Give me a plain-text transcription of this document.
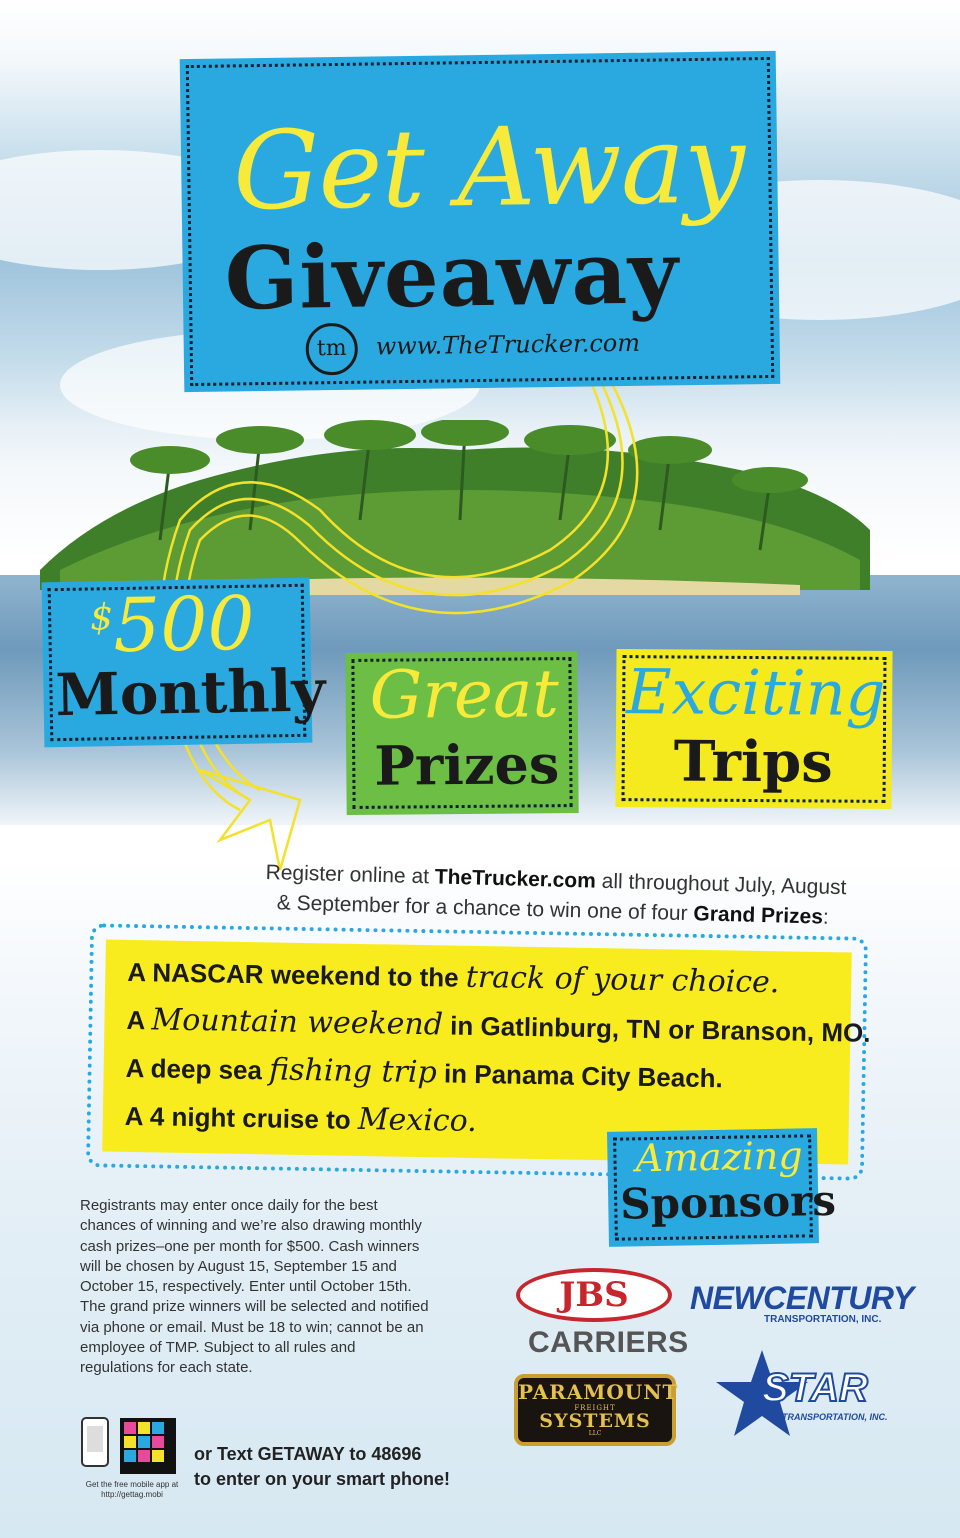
Get Away
Giveaway
tm	www.TheTrucker.com
$500
Monthly Great
Prizes
Exciting
Trips
Register online at TheTrucker.com all throughout July, August
& September for a chance to win one of four Grand Prizes:
A NASCAR weekend to the track of your choice.
A Mountain weekend in Gatlinburg, TN or Branson, MO.
A deep sea fishing trip in Panama City Beach.
A 4 night cruise to Mexico.
Amazing
Sponsors
Registrants may enter once daily for the best
chances of winning and we’re also drawing monthly
cash prizes–one per month for $500. Cash winners
will be chosen by August 15, September 15 and
October 15, respectively. Enter until October 15th.
The grand prize winners will be selected and notified
via phone or email. Must be 18 to win; cannot be an
employee of TMP. Subject to all rules and
regulations for each state.
JBS
CARRIERS
NEWCENTURY
TRANSPORTATION, INC.
PARAMOUNT
FREIGHT
SYSTEMS
LLC
STAR
TRANSPORTATION, INC.
Get the free mobile app at
http://gettag.mobi
or Text GETAWAY to 48696
to enter on your smart phone!
